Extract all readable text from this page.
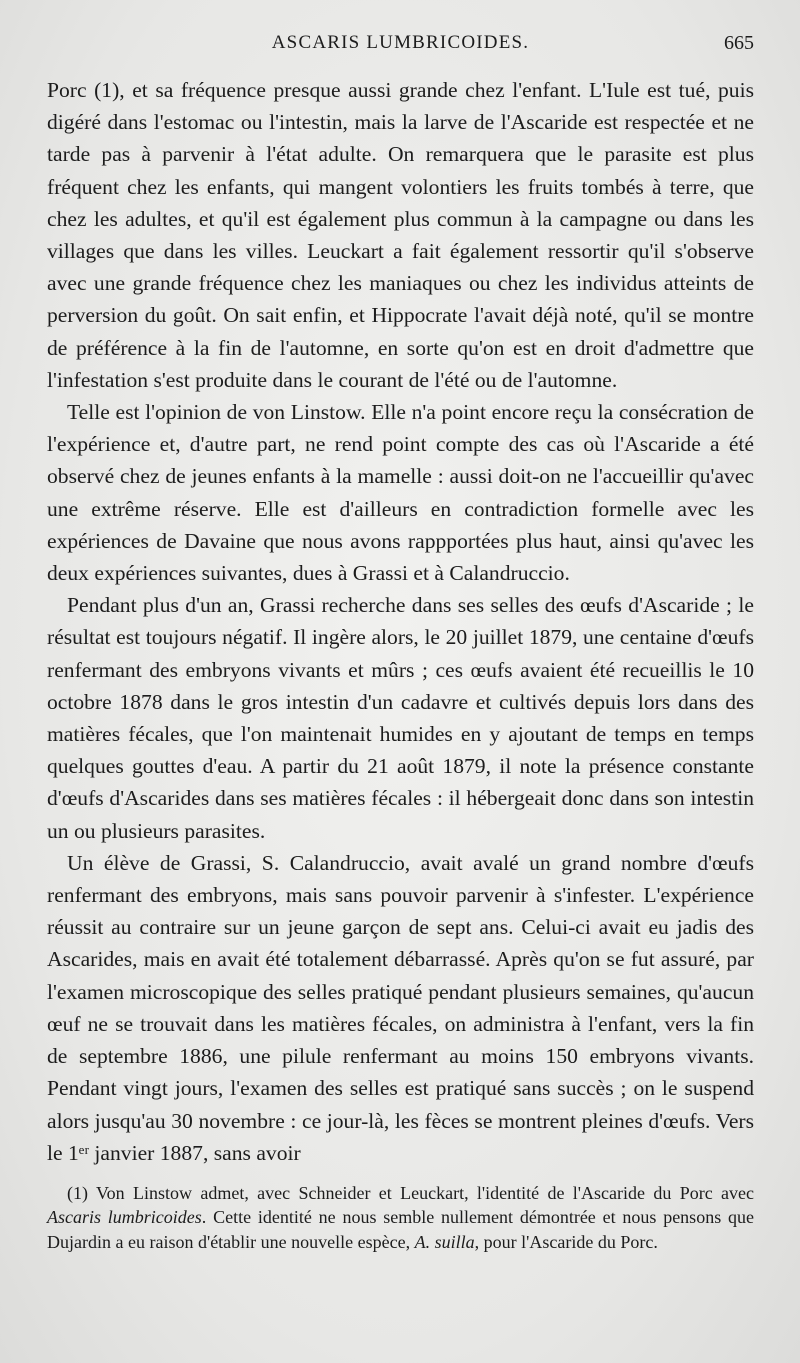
ASCARIS LUMBRICOIDES.	665

Porc (1), et sa fréquence presque aussi grande chez l'enfant. L'Iule est tué, puis digéré dans l'estomac ou l'intestin, mais la larve de l'Ascaride est respectée et ne tarde pas à parvenir à l'état adulte. On remarquera que le parasite est plus fréquent chez les enfants, qui mangent volontiers les fruits tombés à terre, que chez les adultes, et qu'il est également plus commun à la campagne ou dans les villages que dans les villes. Leuckart a fait également ressortir qu'il s'observe avec une grande fréquence chez les maniaques ou chez les individus atteints de perversion du goût. On sait enfin, et Hippocrate l'avait déjà noté, qu'il se montre de préférence à la fin de l'automne, en sorte qu'on est en droit d'admettre que l'infestation s'est produite dans le courant de l'été ou de l'automne.

Telle est l'opinion de von Linstow. Elle n'a point encore reçu la consécration de l'expérience et, d'autre part, ne rend point compte des cas où l'Ascaride a été observé chez de jeunes enfants à la mamelle : aussi doit-on ne l'accueillir qu'avec une extrême réserve. Elle est d'ailleurs en contradiction formelle avec les expériences de Davaine que nous avons rappportées plus haut, ainsi qu'avec les deux expériences suivantes, dues à Grassi et à Calandruccio.

Pendant plus d'un an, Grassi recherche dans ses selles des œufs d'Ascaride ; le résultat est toujours négatif. Il ingère alors, le 20 juillet 1879, une centaine d'œufs renfermant des embryons vivants et mûrs ; ces œufs avaient été recueillis le 10 octobre 1878 dans le gros intestin d'un cadavre et cultivés depuis lors dans des matières fécales, que l'on maintenait humides en y ajoutant de temps en temps quelques gouttes d'eau. A partir du 21 août 1879, il note la présence constante d'œufs d'Ascarides dans ses matières fécales : il hébergeait donc dans son intestin un ou plusieurs parasites.

Un élève de Grassi, S. Calandruccio, avait avalé un grand nombre d'œufs renfermant des embryons, mais sans pouvoir parvenir à s'infester. L'expérience réussit au contraire sur un jeune garçon de sept ans. Celui-ci avait eu jadis des Ascarides, mais en avait été totalement débarrassé. Après qu'on se fut assuré, par l'examen microscopique des selles pratiqué pendant plusieurs semaines, qu'aucun œuf ne se trouvait dans les matières fécales, on administra à l'enfant, vers la fin de septembre 1886, une pilule renfermant au moins 150 embryons vivants. Pendant vingt jours, l'examen des selles est pratiqué sans succès ; on le suspend alors jusqu'au 30 novembre : ce jour-là, les fèces se montrent pleines d'œufs. Vers le 1ᵉʳ janvier 1887, sans avoir

(1) Von Linstow admet, avec Schneider et Leuckart, l'identité de l'Ascaride du Porc avec Ascaris lumbricoides. Cette identité ne nous semble nullement démontrée et nous pensons que Dujardin a eu raison d'établir une nouvelle espèce, A. suilla, pour l'Ascaride du Porc.
